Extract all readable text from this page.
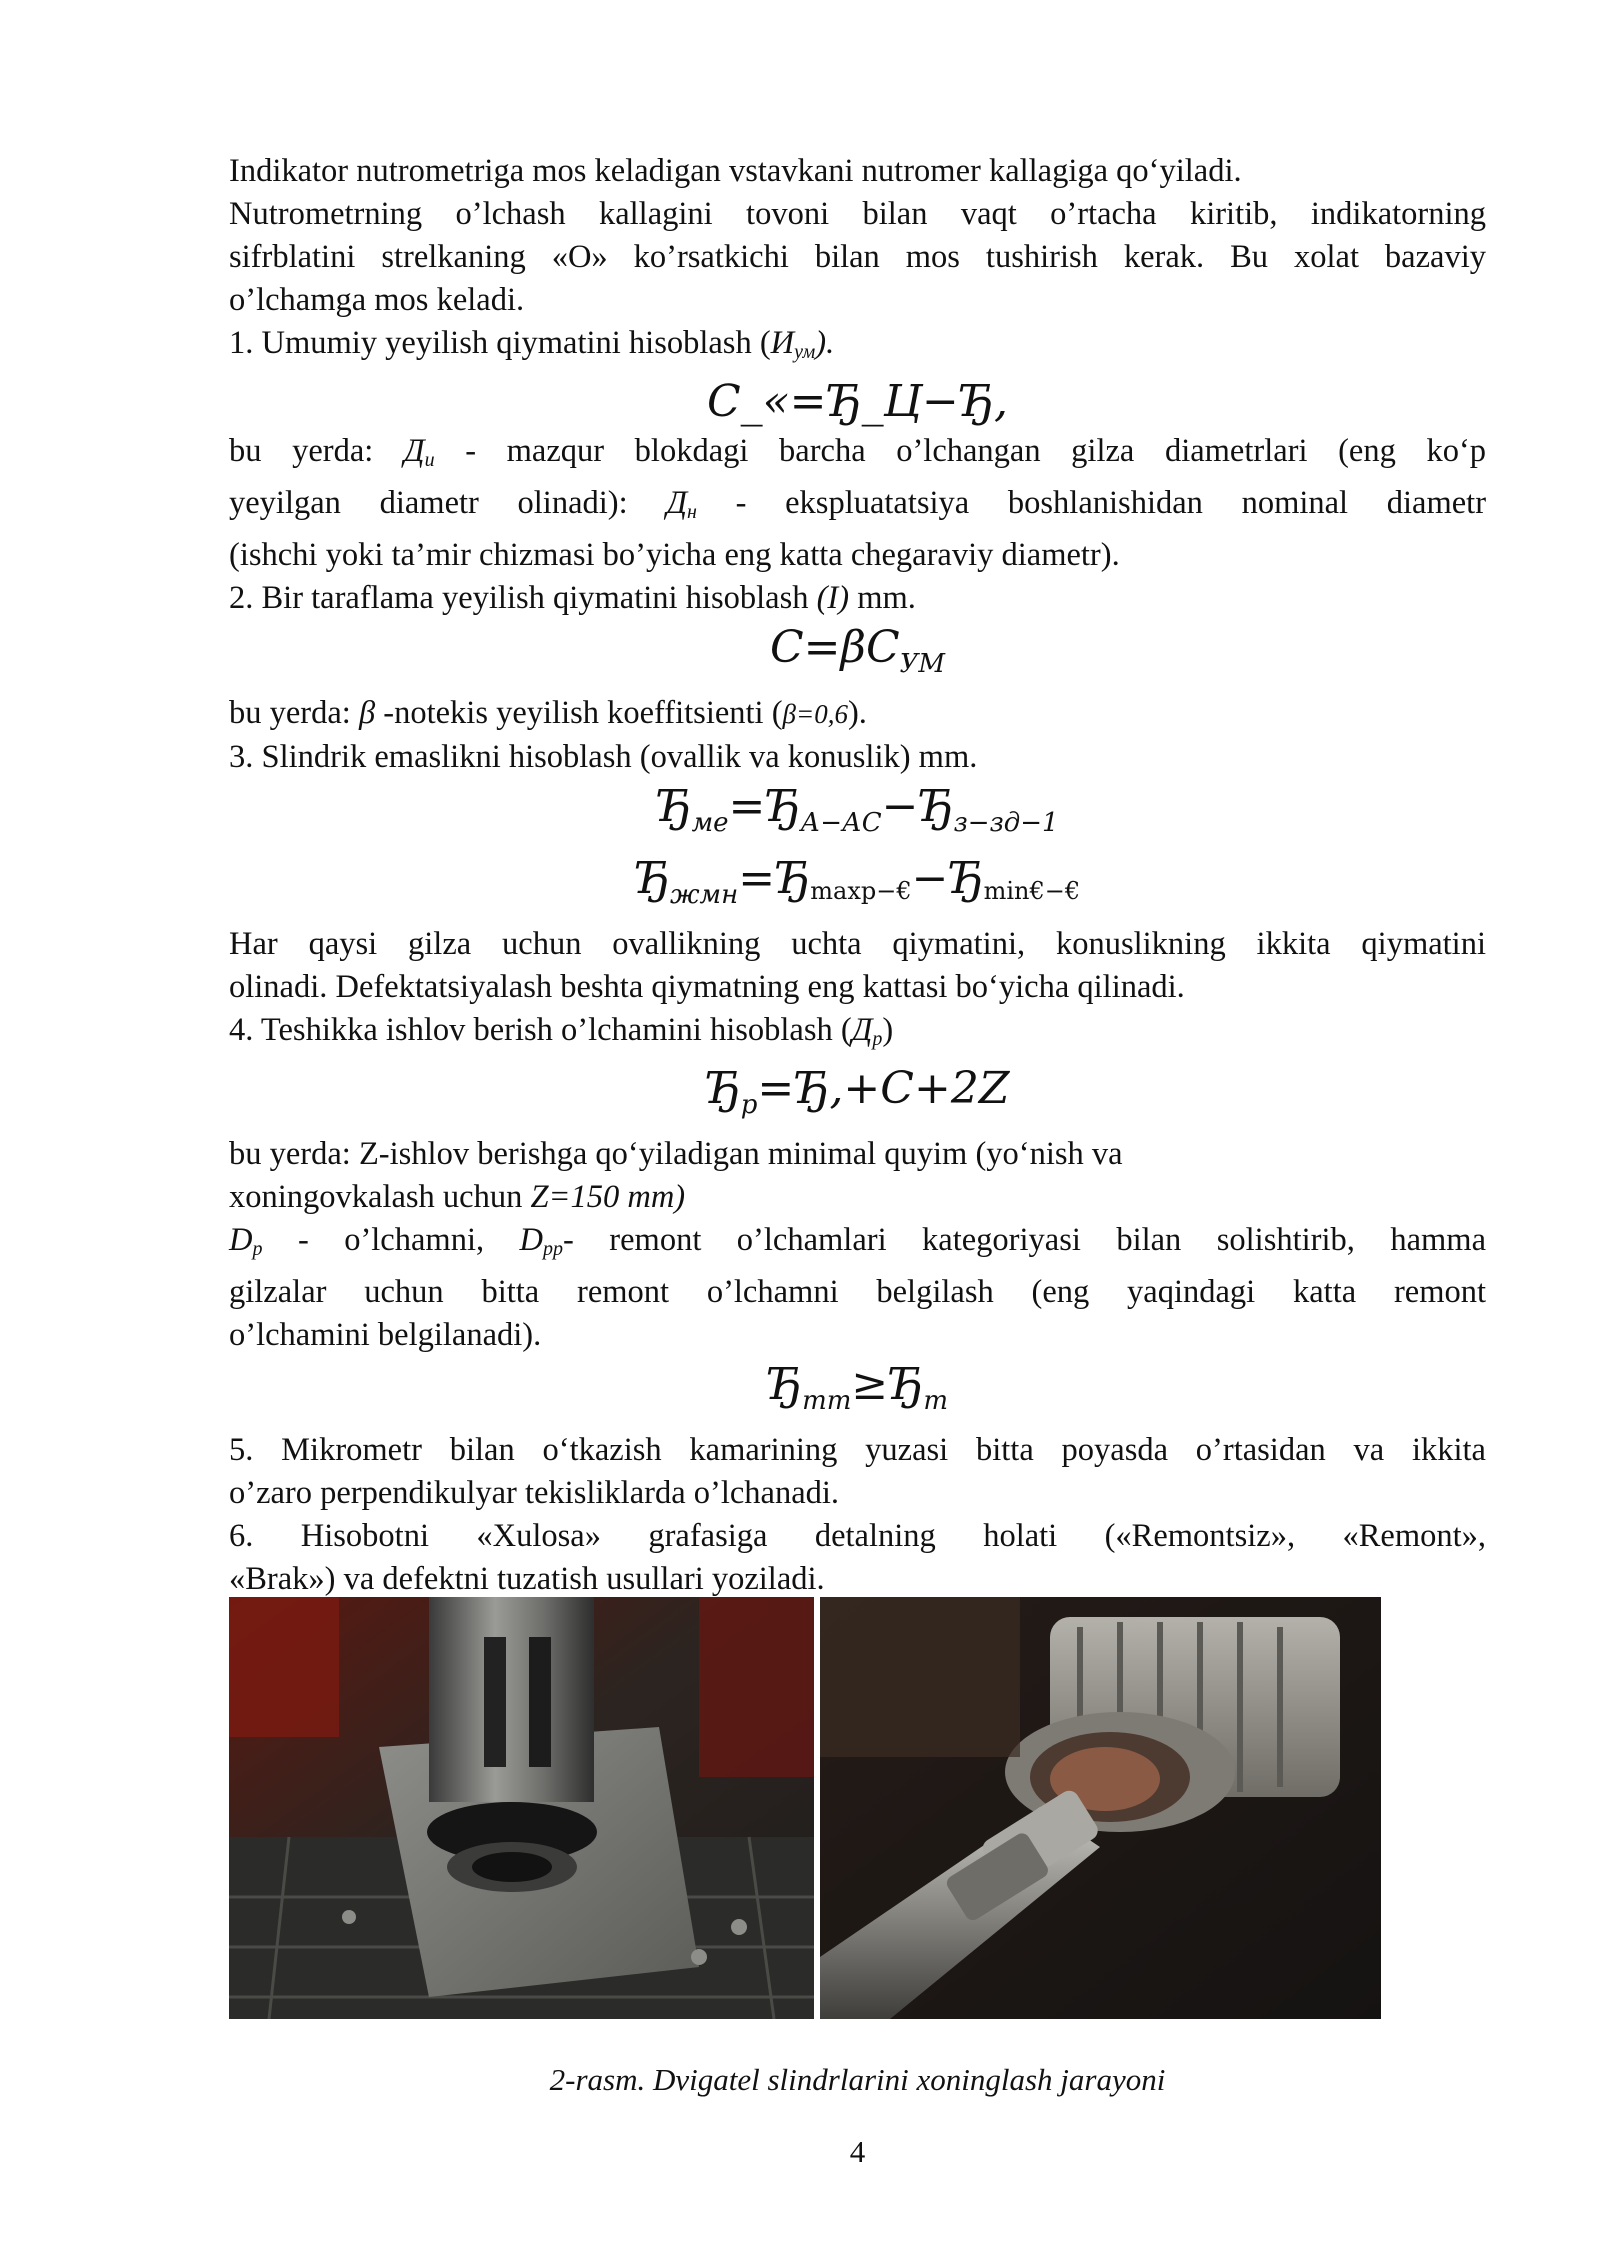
Indikator nutrometriga mos keladigan vstavkani nutromer kallagiga qo‘yiladi.

Nutrometrning o’lchash kallagini tovoni bilan vaqt o’rtacha kiritib, indikatorning

sifrblatini strelkaning «O» ko’rsatkichi bilan mos tushirish kerak. Bu xolat bazaviy

o’lchamga mos keladi.

1. Umumiy yeyilish qiymatini hisoblash $(И_{ум})$.

С_«=Ђ_Ц−Ђ,

bu yerda: $Д_и$ - mazqur blokdagi barcha o’lchangan gilza diametrlari (eng ko‘p

yeyilgan diametr olinadi): $Д_н$ - ekspluatatsiya boshlanishidan nominal diametr

(ishchi yoki ta’mir chizmasi bo’yicha eng katta chegaraviy diametr).

2. Bir taraflama yeyilish qiymatini hisoblash (I) mm.

$C=\beta C_{УМ}$

bu yerda: β -notekis yeyilish koeffitsienti (β=0,6).

3. Slindrik emaslikni hisoblash (ovallik va konuslik) mm.

$Ђ_{ме}=Ђ_{А-АС}-Ђ_{з-зд-1}$

$Ђ_{жмн}=Ђ\max p-€-Ђ\min€-€$

Har qaysi gilza uchun ovallikning uchta qiymatini, konuslikning ikkita qiymatini

olinadi. Defektatsiyalash beshta qiymatning eng kattasi bo‘yicha qilinadi.

4. Teshikka ishlov berish o’lchamini hisoblash $(Д_р)$

$Ђ_р=Ђ,+C+2Z$

bu yerda: Z-ishlov berishga qo‘yiladigan minimal quyim (yo‘nish va

xoningovkalash uchun Z=150 mm)

$D_p$ - o’lchamni, $D_{pp}-$ remont o’lchamlari kategoriyasi bilan solishtirib, hamma

gilzalar uchun bitta remont o’lchamni belgilash (eng yaqindagi katta remont

o’lchamini belgilanadi).

$Ђ_{mm}\ge Ђ_m$

5. Mikrometr bilan o‘tkazish kamarining yuzasi bitta poyasda o’rtasidan va ikkita

o’zaro perpendikulyar tekisliklarda o’lchanadi.

6. Hisobotni «Xulosa» grafasiga detalning holati («Remontsiz», «Remont»,

«Brak») va defektni tuzatish usullari yoziladi.

2-rasm. Dvigatel slindrlarini xoninglash jarayoni
4
